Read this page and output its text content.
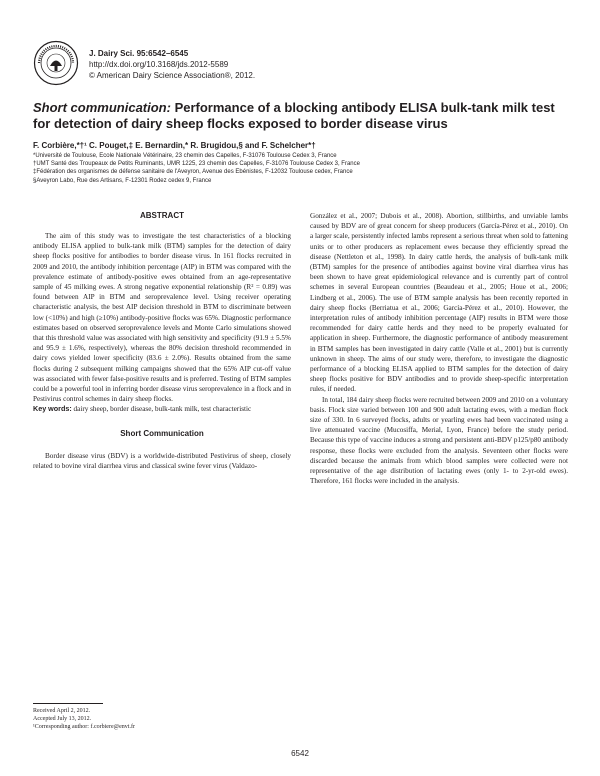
J. Dairy Sci. 95:6542–6545
http://dx.doi.org/10.3168/jds.2012-5589
© American Dairy Science Association®, 2012.
Short communication: Performance of a blocking antibody ELISA bulk-tank milk test for detection of dairy sheep flocks exposed to border disease virus
F. Corbière,*†¹ C. Pouget,‡ E. Bernardin,* R. Brugidou,§ and F. Schelcher*†
*Université de Toulouse, Ecole Nationale Vétérinaire, 23 chemin des Capelles, F-31076 Toulouse Cedex 3, France
†UMT Santé des Troupeaux de Petits Ruminants, UMR 1225, 23 chemin des Capelles, F-31076 Toulouse Cedex 3, France
‡Fédération des organismes de défense sanitaire de l'Aveyron, Avenue des Ebénistes, F-12032 Toulouse cedex, France
§Aveyron Labo, Rue des Artisans, F-12301 Rodez cedex 9, France
ABSTRACT

The aim of this study was to investigate the test characteristics of a blocking antibody ELISA applied to bulk-tank milk (BTM) samples for the detection of dairy sheep flocks positive for antibodies to border disease virus. In 161 flocks recruited in 2009 and 2010, the antibody inhibition percentage (AIP) in BTM was compared with the prevalence estimate of antibody-positive ewes obtained from an age-representative sample of 45 milking ewes. A strong negative exponential relationship (R² = 0.89) was found between AIP in BTM and seroprevalence level. Using receiver operating characteristic analysis, the best AIP decision threshold in BTM to discriminate between low (<10%) and high (≥10%) antibody-positive flocks was 65%. Diagnostic performance estimates based on observed seroprevalence levels and Monte Carlo simulations showed that this threshold value was associated with high sensitivity and specificity (91.9 ± 5.5% and 95.9 ± 1.6%, respectively), whereas the 80% decision threshold recommended in dairy cows yielded lower specificity (83.6 ± 2.0%). Results obtained from the same flocks during 2 subsequent milking campaigns showed that the 65% AIP cut-off value was associated with fewer false-positive results and is preferred. Testing of BTM samples could be a powerful tool in inferring border disease virus seroprevalence in a flock and in Pestivirus control schemes in dairy sheep flocks.

Key words: dairy sheep, border disease, bulk-tank milk, test characteristic

Short Communication

Border disease virus (BDV) is a worldwide-distributed Pestivirus of sheep, closely related to bovine viral diarrhea virus and classical swine fever virus (Valdazo-

González et al., 2007; Dubois et al., 2008). Abortion, stillbirths, and unviable lambs caused by BDV are of great concern for sheep producers (García-Pérez et al., 2010). On a larger scale, persistently infected lambs represent a serious threat when sold to fattening units or to other producers as replacement ewes because they efficiently spread the disease (Nettleton et al., 1998). In dairy cattle herds, the analysis of bulk-tank milk (BTM) samples for the presence of antibodies against bovine viral diarrhea virus has been shown to have great epidemiological relevance and is currently part of control schemes in several European countries (Beaudeau et al., 2005; Houe et al., 2006; Lindberg et al., 2006). The use of BTM sample analysis has been recently reported in dairy sheep flocks (Berriatua et al., 2006; García-Pérez et al., 2010). However, the interpretation rules of antibody inhibition percentage (AIP) results in BTM were those recommended for dairy cattle herds and they need to be properly evaluated for application in sheep. Furthermore, the diagnostic performance of antibody measurement in BTM samples has been investigated in dairy cattle (Valle et al., 2001) but is currently unknown in sheep. The aims of our study were, therefore, to investigate the diagnostic performance of a blocking ELISA applied to BTM samples for the detection of dairy sheep flocks positive for BDV antibodies and to provide sheep-specific interpretation rules, if needed.

In total, 184 dairy sheep flocks were recruited between 2009 and 2010 on a voluntary basis. Flock size varied between 100 and 900 adult lactating ewes, with a median flock size of 330. In 6 surveyed flocks, adults or yearling ewes had been vaccinated using a live attenuated vaccine (Mucosiffa, Merial, Lyon, France) before the study period. Because this type of vaccine induces a strong and persistent anti-BDV p125/p80 antibody response, these flocks were excluded from the analysis. Seventeen other flocks were discarded because the animals from which blood samples were collected were not representative of the age distribution of lactating ewes (only 1- to 2-yr-old ewes). Therefore, 161 flocks were included in the analysis.

Received April 2, 2012.
Accepted July 13, 2012.
¹Corresponding author: f.corbiere@envt.fr
6542
